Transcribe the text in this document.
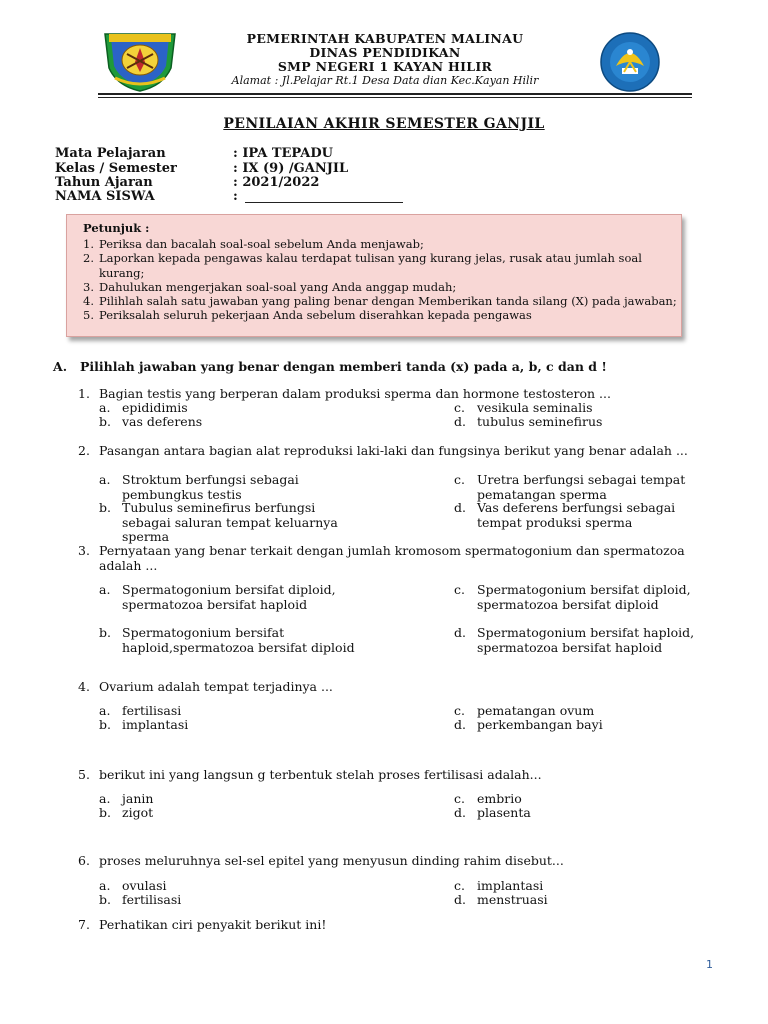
PEMERINTAH KABUPATEN MALINAU
DINAS PENDIDIKAN
SMP NEGERI 1 KAYAN HILIR
Alamat : Jl.Pelajar Rt.1 Desa Data dian Kec.Kayan Hilir
PENILAIAN AKHIR SEMESTER GANJIL
Mata Pelajaran	: IPA TEPADU
Kelas / Semester	: IX (9) /GANJIL
Tahun Ajaran	: 2021/2022
NAMA SISWA	:
Petunjuk :
1. Periksa dan bacalah soal-soal sebelum Anda menjawab;
2. Laporkan kepada pengawas kalau terdapat tulisan yang kurang jelas, rusak atau jumlah soal kurang;
3. Dahulukan mengerjakan soal-soal yang Anda anggap mudah;
4. Pilihlah salah satu jawaban yang paling benar dengan Memberikan tanda silang (X) pada jawaban;
5. Periksalah seluruh pekerjaan Anda sebelum diserahkan kepada pengawas
A. Pilihlah jawaban yang benar dengan memberi tanda (x) pada a, b, c dan d !
1. Bagian testis yang berperan dalam produksi sperma dan hormone testosteron ...
a. epididimis
b. vas deferens
c. vesikula seminalis
d. tubulus seminefirus
2. Pasangan antara bagian alat reproduksi laki-laki dan fungsinya berikut yang benar adalah ...
a. Stroktum berfungsi sebagai pembungkus testis
b. Tubulus seminefirus berfungsi sebagai saluran tempat keluarnya sperma
c. Uretra berfungsi sebagai tempat pematangan sperma
d. Vas deferens berfungsi sebagai tempat produksi sperma
3. Pernyataan yang benar terkait dengan jumlah kromosom spermatogonium dan spermatozoa adalah ...
a. Spermatogonium bersifat diploid, spermatozoa bersifat haploid
b. Spermatogonium bersifat haploid,spermatozoa bersifat diploid
c. Spermatogonium bersifat diploid, spermatozoa bersifat diploid
d. Spermatogonium bersifat haploid, spermatozoa bersifat haploid
4. Ovarium adalah tempat terjadinya ...
a. fertilisasi
b. implantasi
c. pematangan ovum
d. perkembangan bayi
5. berikut ini yang langsun g terbentuk stelah proses fertilisasi adalah...
a. janin
b. zigot
c. embrio
d. plasenta
6. proses meluruhnya sel-sel epitel yang menyusun dinding rahim disebut...
a. ovulasi
b. fertilisasi
c. implantasi
d. menstruasi
7. Perhatikan ciri penyakit berikut ini!
1
